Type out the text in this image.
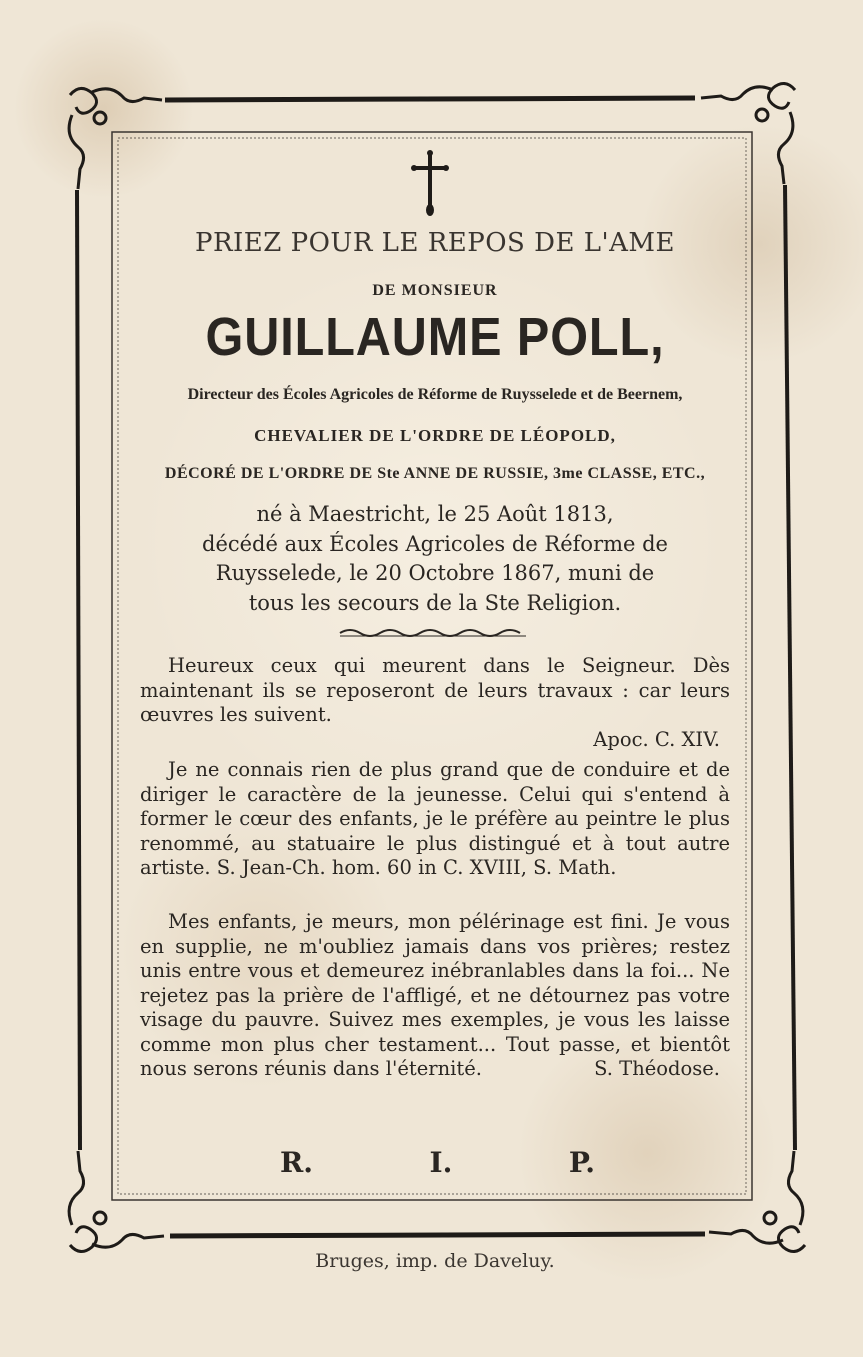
PRIEZ POUR LE REPOS DE L'AME
DE MONSIEUR
GUILLAUME POLL,
Directeur des Écoles Agricoles de Réforme de Ruysselede et de Beernem,
CHEVALIER DE L'ORDRE DE LÉOPOLD,
DÉCORÉ DE L'ORDRE DE Ste ANNE DE RUSSIE, 3me CLASSE, ETC.,
né à Maestricht, le 25 Août 1813,
décédé aux Écoles Agricoles de Réforme de
Ruysselede, le 20 Octobre 1867, muni de
tous les secours de la Ste Religion.

Heureux ceux qui meurent dans le Seigneur. Dès maintenant ils se reposeront de leurs travaux : car leurs œuvres les suivent.

Apoc. C. XIV.

Je ne connais rien de plus grand que de conduire et de diriger le caractère de la jeunesse. Celui qui s'entend à former le cœur des enfants, je le préfère au peintre le plus renommé, au statuaire le plus distingué et à tout autre artiste. S. Jean-Ch. hom. 60 in C. XVIII, S. Math.

Mes enfants, je meurs, mon pélérinage est fini. Je vous en supplie, ne m'oubliez jamais dans vos prières; restez unis entre vous et demeurez inébranlables dans la foi... Ne rejetez pas la prière de l'affligé, et ne détournez pas votre visage du pauvre. Suivez mes exemples, je vous les laisse comme mon plus cher testament... Tout passe, et bientôt nous serons réunis dans l'éternité.	S. Théodose.

R.	I.	P.
Bruges, imp. de Daveluy.
